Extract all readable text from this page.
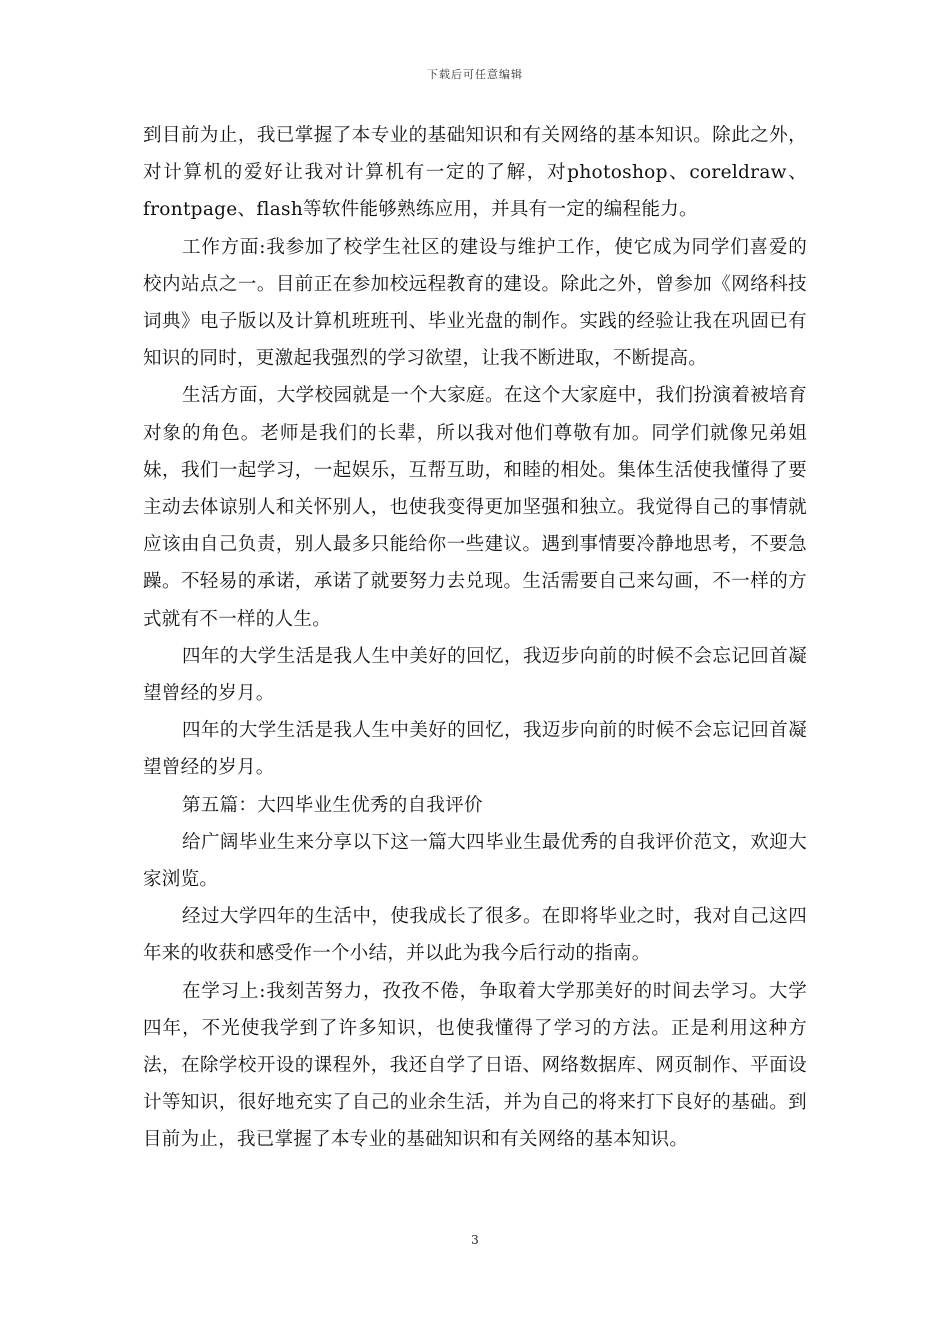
下载后可任意编辑

到目前为止，我已掌握了本专业的基础知识和有关网络的基本知识。除此之外，对计算机的爱好让我对计算机有一定的了解，对photoshop、coreldraw、frontpage、flash等软件能够熟练应用，并具有一定的编程能力。

工作方面:我参加了校学生社区的建设与维护工作，使它成为同学们喜爱的校内站点之一。目前正在参加校远程教育的建设。除此之外，曾参加《网络科技词典》电子版以及计算机班班刊、毕业光盘的制作。实践的经验让我在巩固已有知识的同时，更激起我强烈的学习欲望，让我不断进取，不断提高。

生活方面，大学校园就是一个大家庭。在这个大家庭中，我们扮演着被培育对象的角色。老师是我们的长辈，所以我对他们尊敬有加。同学们就像兄弟姐妹，我们一起学习，一起娱乐，互帮互助，和睦的相处。集体生活使我懂得了要主动去体谅别人和关怀别人，也使我变得更加坚强和独立。我觉得自己的事情就应该由自己负责，别人最多只能给你一些建议。遇到事情要冷静地思考，不要急躁。不轻易的承诺，承诺了就要努力去兑现。生活需要自己来勾画，不一样的方式就有不一样的人生。

四年的大学生活是我人生中美好的回忆，我迈步向前的时候不会忘记回首凝望曾经的岁月。

四年的大学生活是我人生中美好的回忆，我迈步向前的时候不会忘记回首凝望曾经的岁月。

第五篇：大四毕业生优秀的自我评价

给广阔毕业生来分享以下这一篇大四毕业生最优秀的自我评价范文，欢迎大家浏览。

经过大学四年的生活中，使我成长了很多。在即将毕业之时，我对自己这四年来的收获和感受作一个小结，并以此为我今后行动的指南。

在学习上:我刻苦努力，孜孜不倦，争取着大学那美好的时间去学习。大学四年，不光使我学到了许多知识，也使我懂得了学习的方法。正是利用这种方法，在除学校开设的课程外，我还自学了日语、网络数据库、网页制作、平面设计等知识，很好地充实了自己的业余生活，并为自己的将来打下良好的基础。到目前为止，我已掌握了本专业的基础知识和有关网络的基本知识。

3
